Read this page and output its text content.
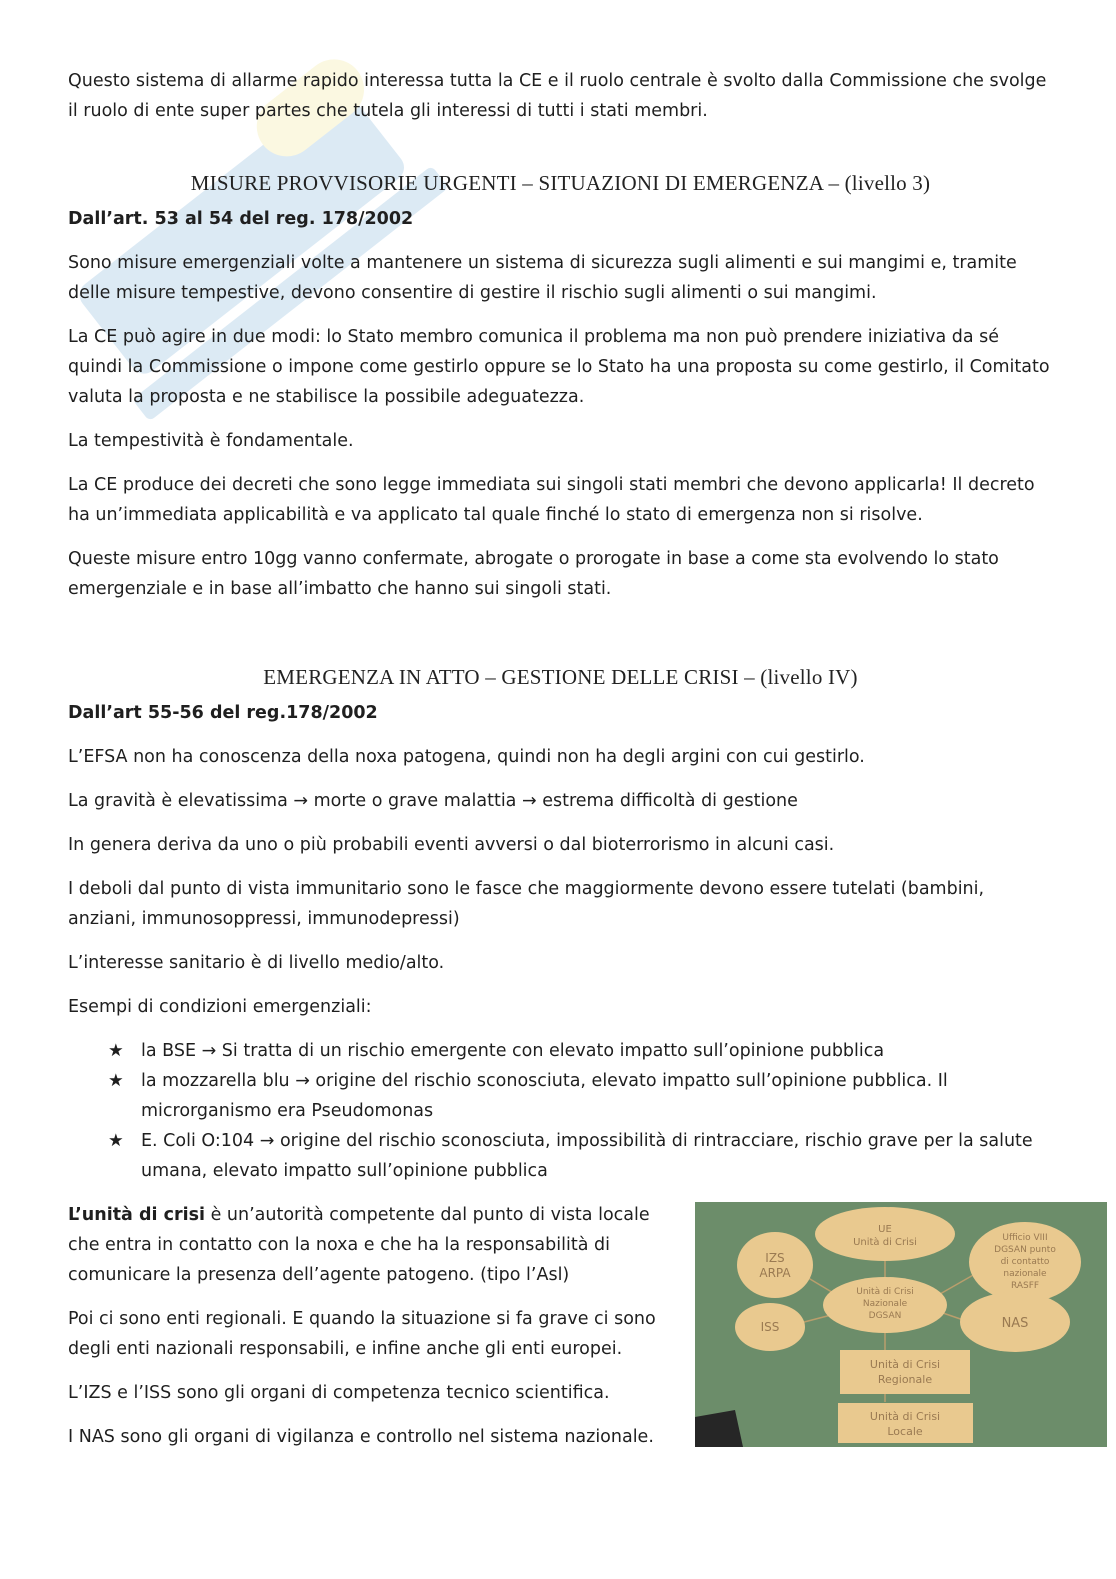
Questo sistema di allarme rapido interessa tutta la CE e il ruolo centrale è svolto dalla Commissione che svolge il ruolo di ente super partes che tutela gli interessi di tutti i stati membri.

MISURE PROVVISORIE URGENTI – SITUAZIONI DI EMERGENZA – (livello 3)
Dall’art. 53 al 54 del reg. 178/2002

Sono misure emergenziali volte a mantenere un sistema di sicurezza sugli alimenti e sui mangimi e, tramite delle misure tempestive, devono consentire di gestire il rischio sugli alimenti o sui mangimi.

La CE può agire in due modi: lo Stato membro comunica il problema ma non può prendere iniziativa da sé quindi la Commissione o impone come gestirlo oppure se lo Stato ha una proposta su come gestirlo, il Comitato valuta la proposta e ne stabilisce la possibile adeguatezza.

La tempestività è fondamentale.

La CE produce dei decreti che sono legge immediata sui singoli stati membri che devono applicarla! Il decreto ha un’immediata applicabilità e va applicato tal quale finché lo stato di emergenza non si risolve.

Queste misure entro 10gg vanno confermate, abrogate o prorogate in base a come sta evolvendo lo stato emergenziale e in base all’imbatto che hanno sui singoli stati.

EMERGENZA IN ATTO – GESTIONE DELLE CRISI – (livello IV)
Dall’art 55-56 del reg.178/2002

L’EFSA non ha conoscenza della noxa patogena, quindi non ha degli argini con cui gestirlo.

La gravità è elevatissima → morte o grave malattia → estrema difficoltà di gestione

In genera deriva da uno o più probabili eventi avversi o dal bioterrorismo in alcuni casi.

I deboli dal punto di vista immunitario sono le fasce che maggiormente devono essere tutelati (bambini, anziani, immunosoppressi, immunodepressi)

L’interesse sanitario è di livello medio/alto.

Esempi di condizioni emergenziali:

★ la BSE → Si tratta di un rischio emergente con elevato impatto sull’opinione pubblica
★ la mozzarella blu → origine del rischio sconosciuta, elevato impatto sull’opinione pubblica. Il microrganismo era Pseudomonas
★ E. Coli O:104 → origine del rischio sconosciuta, impossibilità di rintracciare, rischio grave per la salute umana, elevato impatto sull’opinione pubblica

L’unità di crisi è un’autorità competente dal punto di vista locale che entra in contatto con la noxa e che ha la responsabilità di comunicare la presenza dell’agente patogeno. (tipo l’Asl)

Poi ci sono enti regionali. E quando la situazione si fa grave ci sono degli enti nazionali responsabili, e infine anche gli enti europei.

L’IZS e l’ISS sono gli organi di competenza tecnico scientifica.

I NAS sono gli organi di vigilanza e controllo nel sistema nazionale.

UE
Unità di Crisi
IZS
ARPA
Ufficio VIII
DGSAN punto
di contatto
nazionale
RASFF
Unità di Crisi
Nazionale
DGSAN
ISS	NAS
Unità di Crisi
Regionale
Unità di Crisi
Locale
